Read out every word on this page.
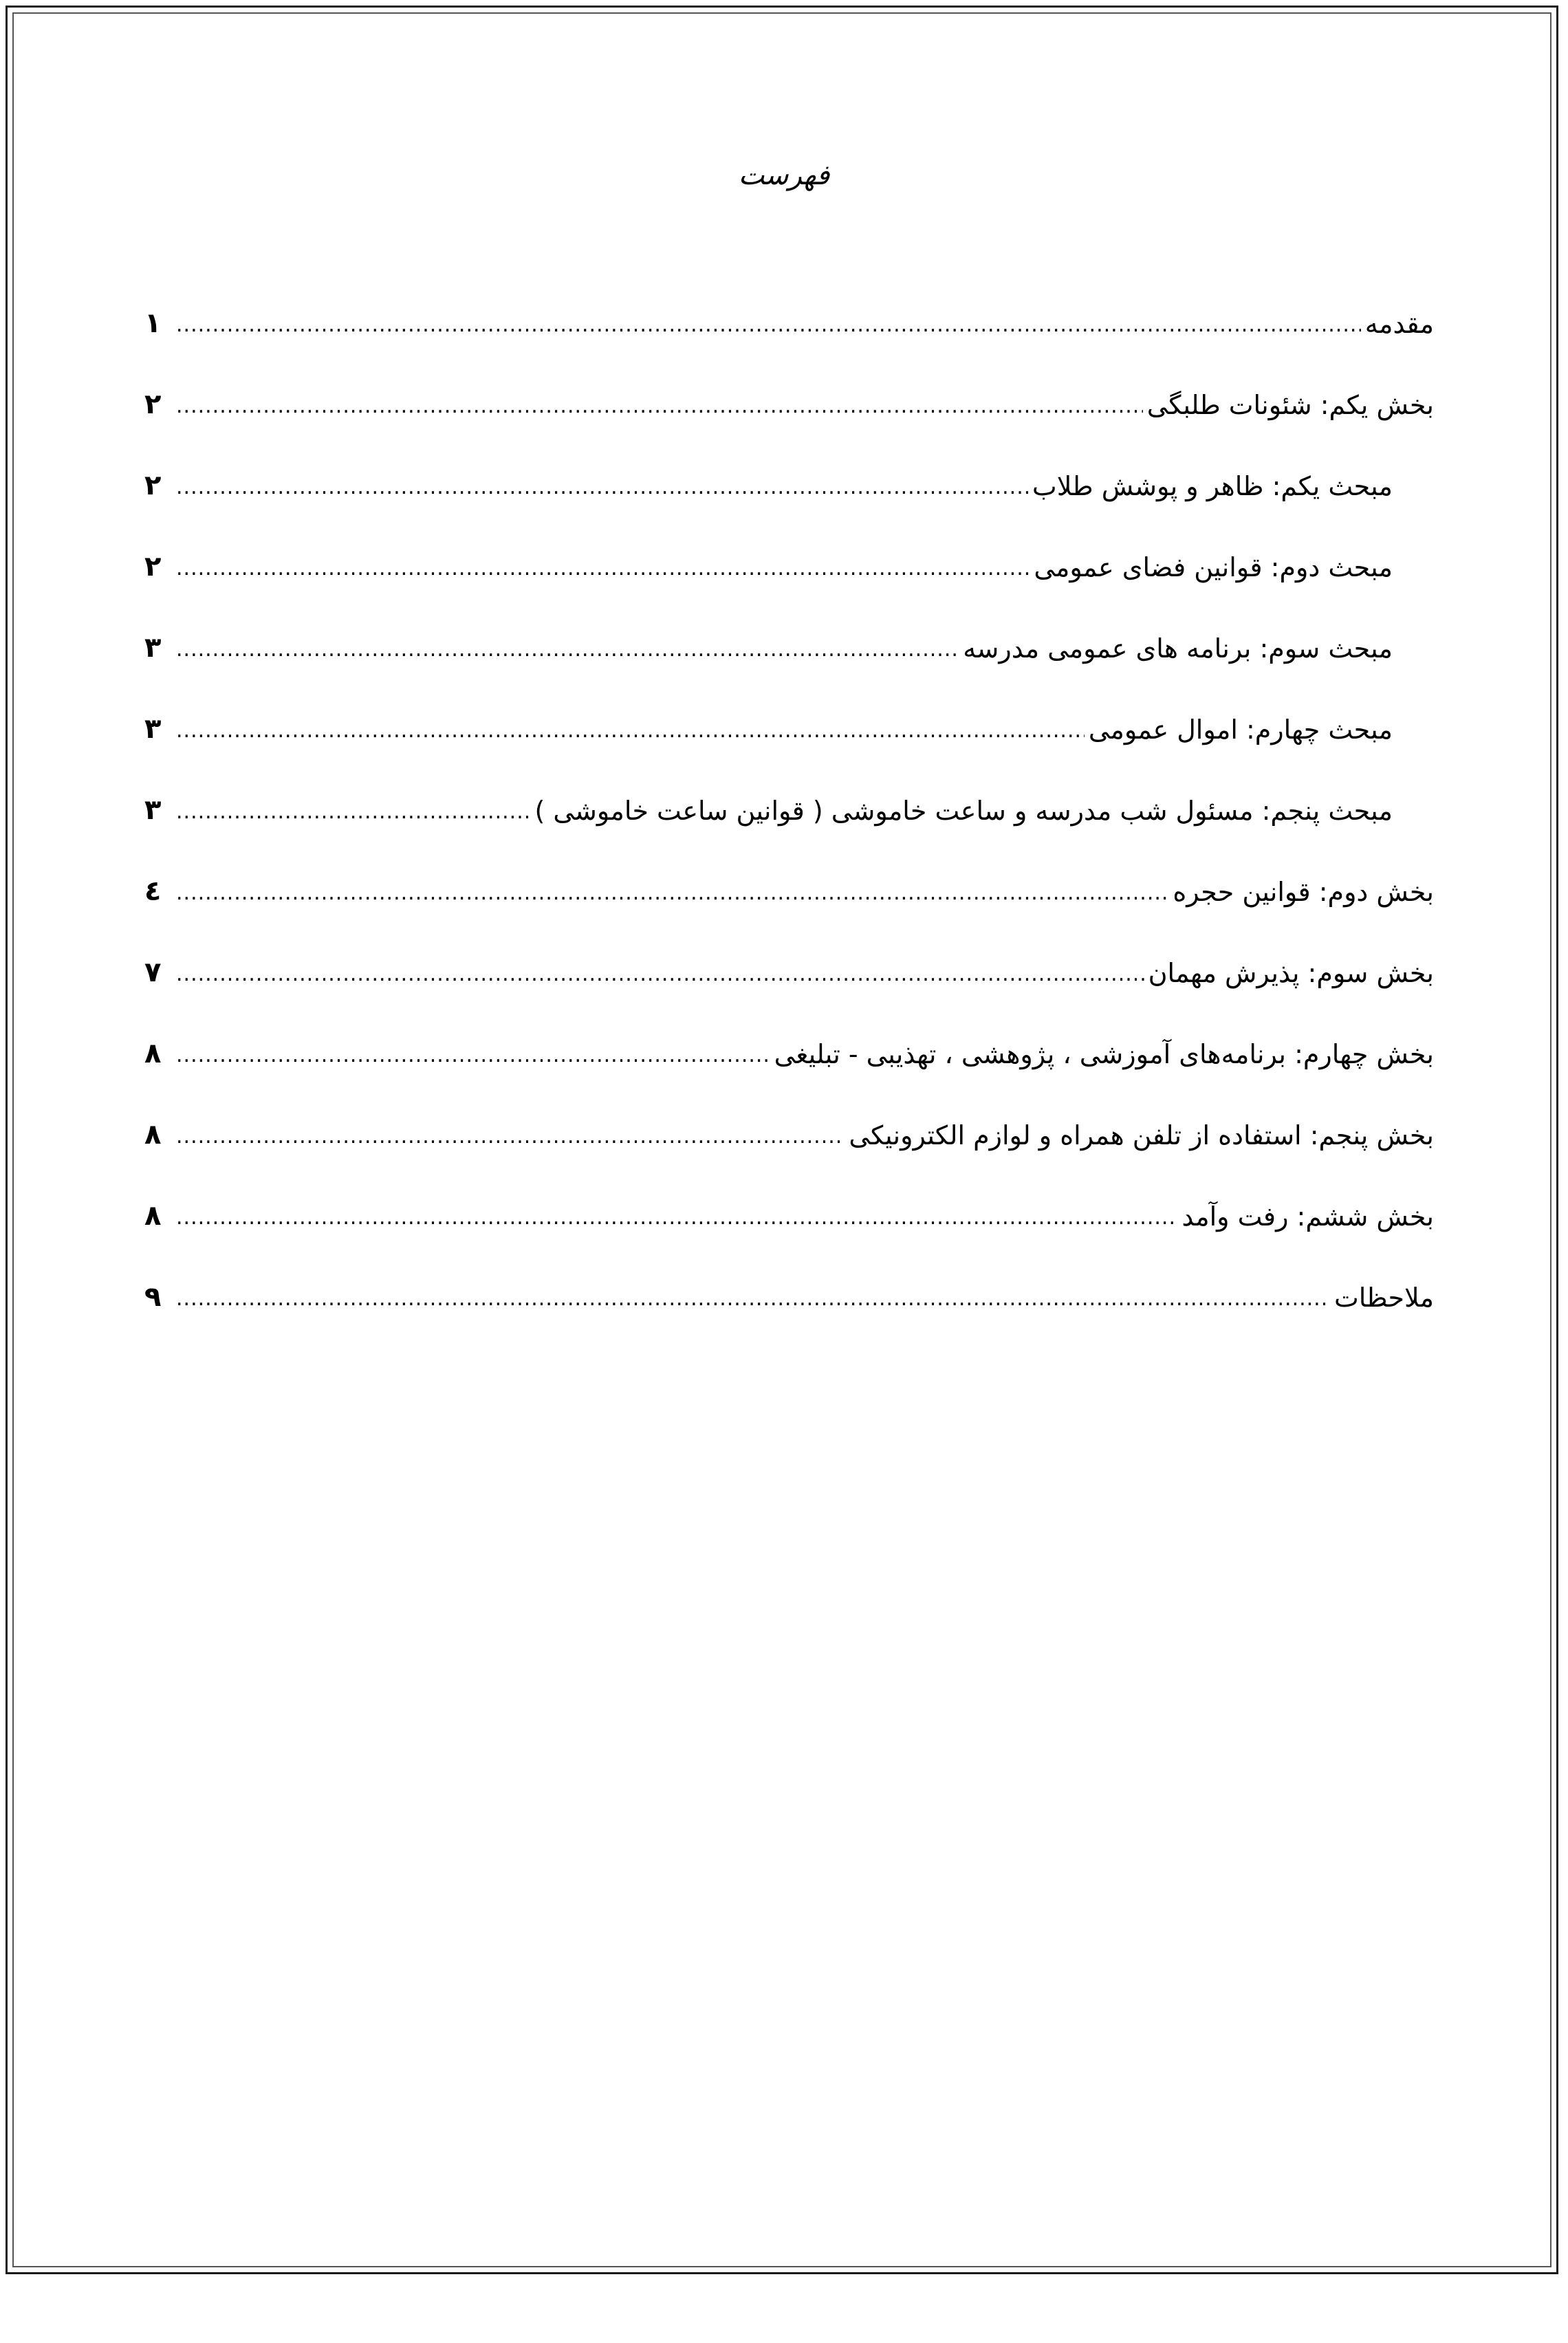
فهرست
مقدمه
.....
۱
بخش یکم: شئونات طلبگی
.....
۲
مبحث یکم: ظاهر و پوشش طلاب
.....
۲
مبحث دوم: قوانین فضای عمومی
.....
۲
مبحث سوم: برنامه های عمومی مدرسه
.....
۳
مبحث چهارم: اموال عمومی
.....
۳
مبحث پنجم: مسئول شب مدرسه و ساعت خاموشی ( قوانین ساعت خاموشی )
.....
۳
بخش دوم: قوانین حجره
.....
٤
بخش سوم: پذیرش مهمان
.....
۷
بخش چهارم: برنامه‌های آموزشی ، پژوهشی ، تهذیبی - تبلیغی
.....
۸
بخش پنجم: استفاده از تلفن همراه و لوازم الکترونیکی
.....
۸
بخش ششم: رفت وآمد
.....
۸
ملاحظات
.....
۹
